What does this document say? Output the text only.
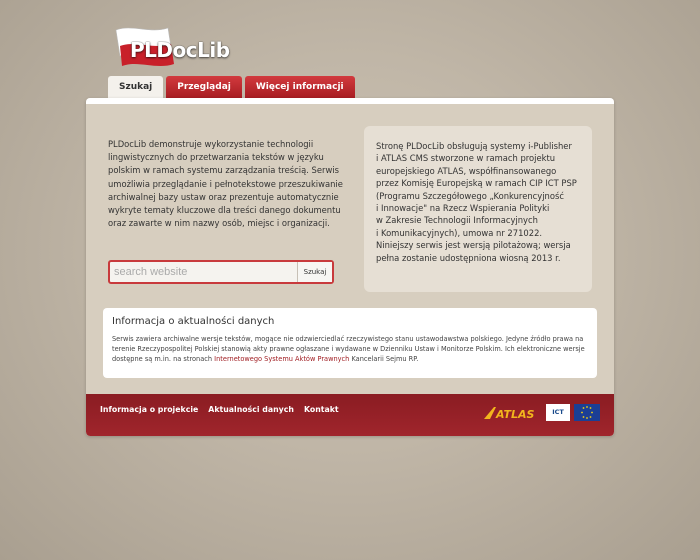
PLDocLib
Szukaj	Przeglądaj	Więcej informacji
PLDocLib demonstruje wykorzystanie technologii lingwistycznych do przetwarzania tekstów w języku polskim w ramach systemu zarządzania treścią. Serwis umożliwia przeglądanie i pełnotekstowe przeszukiwanie archiwalnej bazy ustaw oraz prezentuje automatycznie wykryte tematy kluczowe dla treści danego dokumentu oraz zawarte w nim nazwy osób, miejsc i organizacji.
Stronę PLDocLib obsługują systemy i-Publisher
i ATLAS CMS stworzone w ramach projektu
europejskiego ATLAS, współfinansowanego
przez Komisję Europejską w ramach CIP ICT PSP
(Programu Szczegółowego „Konkurencyjność
i Innowacje" na Rzecz Wspierania Polityki
w Zakresie Technologii Informacyjnych
i Komunikacyjnych), umowa nr 271022.
Niniejszy serwis jest wersją pilotażową; wersja
pełna zostanie udostępniona wiosną 2013 r.
search website
Szukaj
Informacja o aktualności danych
Serwis zawiera archiwalne wersje tekstów, mogące nie odzwierciedlać rzeczywistego stanu ustawodawstwa polskiego. Jedyne źródło prawa na terenie Rzeczypospolitej Polskiej stanowią akty prawne ogłaszane i wydawane w Dzienniku Ustaw i Monitorze Polskim. Ich elektroniczne wersje dostępne są m.in. na stronach Internetowego Systemu Aktów Prawnych Kancelarii Sejmu RP.
Informacja o projekcie Aktualności danych Kontakt	ATLAS	ICT
